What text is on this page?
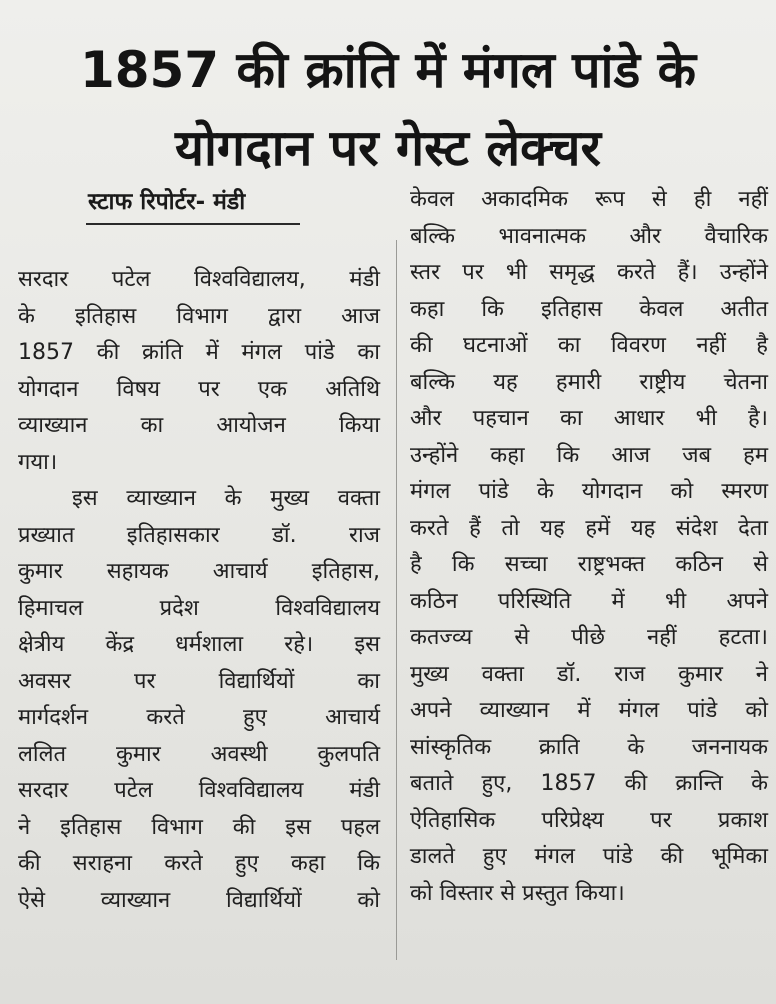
1857 की क्रांति में मंगल पांडे के
योगदान पर गेस्ट लेक्चर
स्टाफ रिपोर्टर- मंडी
सरदार पटेल विश्वविद्यालय, मंडी
के इतिहास विभाग द्वारा आज
1857 की क्रांति में मंगल पांडे का
योगदान विषय पर एक अतिथि
व्याख्यान का आयोजन किया
गया।
इस व्याख्यान के मुख्य वक्ता
प्रख्यात इतिहासकार डॉ. राज
कुमार सहायक आचार्य इतिहास,
हिमाचल प्रदेश विश्वविद्यालय
क्षेत्रीय केंद्र धर्मशाला रहे। इस
अवसर पर विद्यार्थियों का
मार्गदर्शन करते हुए आचार्य
ललित कुमार अवस्थी कुलपति
सरदार पटेल विश्वविद्यालय मंडी
ने इतिहास विभाग की इस पहल
की सराहना करते हुए कहा कि
ऐसे व्याख्यान विद्यार्थियों को
केवल अकादमिक रूप से ही नहीं
बल्कि भावनात्मक और वैचारिक
स्तर पर भी समृद्ध करते हैं। उन्होंने
कहा कि इतिहास केवल अतीत
की घटनाओं का विवरण नहीं है
बल्कि यह हमारी राष्ट्रीय चेतना
और पहचान का आधार भी है।
उन्होंने कहा कि आज जब हम
मंगल पांडे के योगदान को स्मरण
करते हैं तो यह हमें यह संदेश देता
है कि सच्चा राष्ट्रभक्त कठिन से
कठिन परिस्थिति में भी अपने
कतज्व्य से पीछे नहीं हटता।
मुख्य वक्ता डॉ. राज कुमार ने
अपने व्याख्यान में मंगल पांडे को
सांस्कृतिक क्राति के जननायक
बताते हुए, 1857 की क्रान्ति के
ऐतिहासिक परिप्रेक्ष्य पर प्रकाश
डालते हुए मंगल पांडे की भूमिका
को विस्तार से प्रस्तुत किया।
